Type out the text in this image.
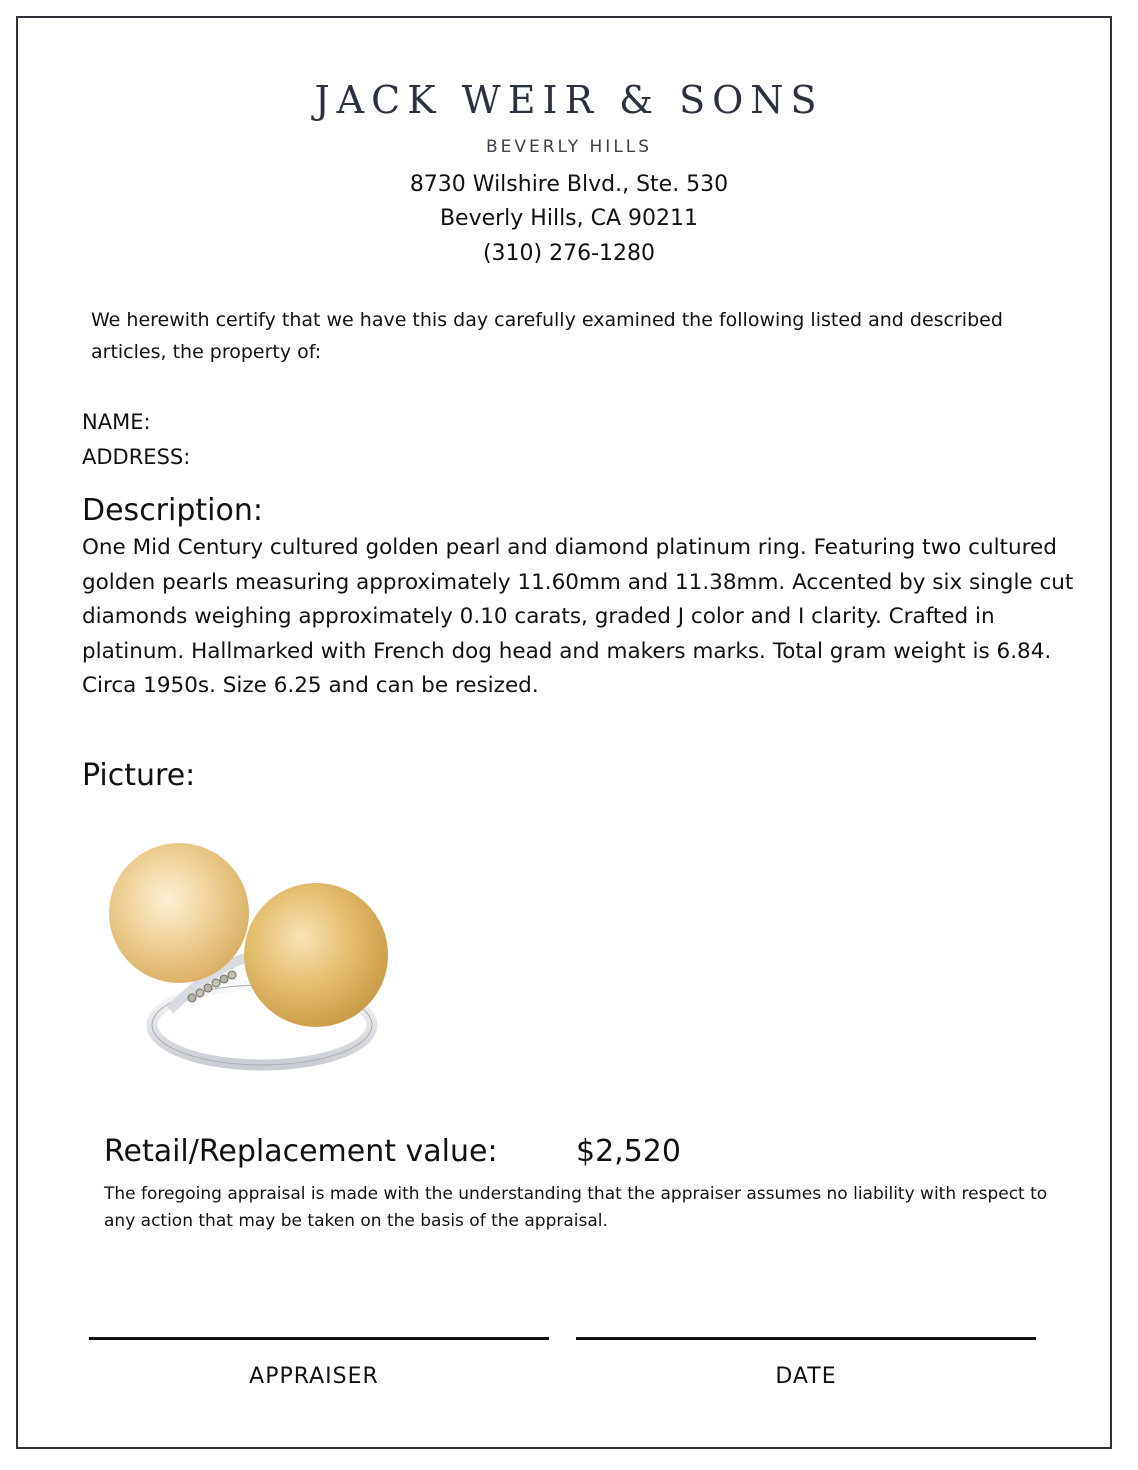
JACK WEIR & SONS
BEVERLY HILLS
8730 Wilshire Blvd., Ste. 530
Beverly Hills, CA 90211
(310) 276-1280
We herewith certify that we have this day carefully examined the following listed and described articles, the property of:
NAME:
ADDRESS:
Description:
One Mid Century cultured golden pearl and diamond platinum ring. Featuring two cultured golden pearls measuring approximately 11.60mm and 11.38mm. Accented by six single cut diamonds weighing approximately 0.10 carats, graded J color and I clarity. Crafted in platinum. Hallmarked with French dog head and makers marks. Total gram weight is 6.84. Circa 1950s. Size 6.25 and can be resized.
Picture:
Retail/Replacement value:	$2,520
The foregoing appraisal is made with the understanding that the appraiser assumes no liability with respect to any action that may be taken on the basis of the appraisal.
APPRAISER	DATE
